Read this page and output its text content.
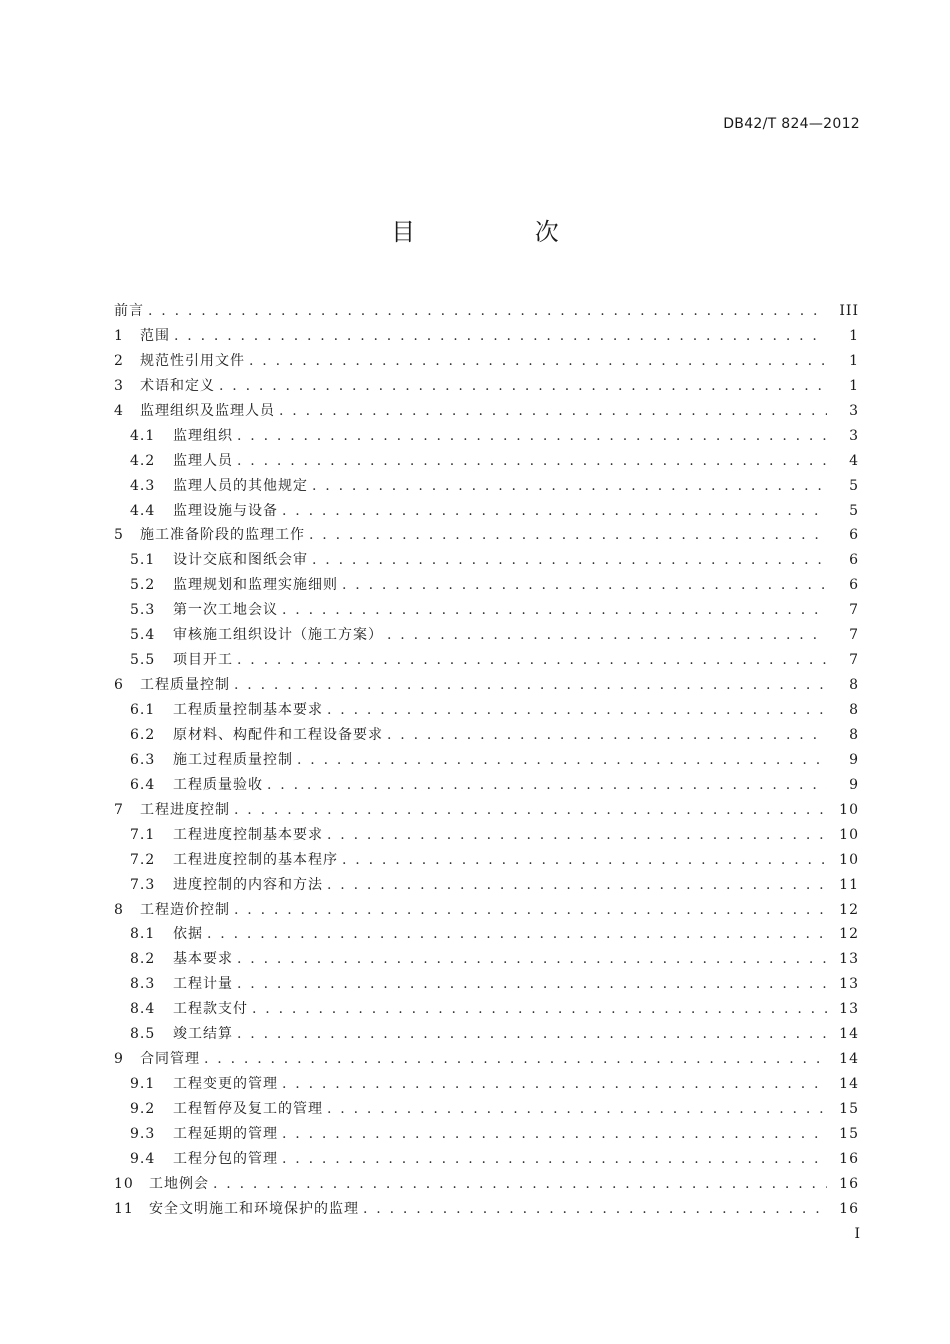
DB42/T 824—2012
目 次
前言 . . .	III
1	范围 . . .	1
2	规范性引用文件 . . .	1
3	术语和定义 . . .	1
4	监理组织及监理人员 . . .	3
4.1	监理组织 . . .	3
4.2	监理人员 . . .	4
4.3	监理人员的其他规定 . . .	5
4.4	监理设施与设备 . . .	5
5	施工准备阶段的监理工作 . . .	6
5.1	设计交底和图纸会审 . . .	6
5.2	监理规划和监理实施细则 . . .	6
5.3	第一次工地会议 . . .	7
5.4	审核施工组织设计（施工方案） . . .	7
5.5	项目开工 . . .	7
6	工程质量控制 . . .	8
6.1	工程质量控制基本要求 . . .	8
6.2	原材料、构配件和工程设备要求 . . .	8
6.3	施工过程质量控制 . . .	9
6.4	工程质量验收 . . .	9
7	工程进度控制 . . .	10
7.1	工程进度控制基本要求 . . .	10
7.2	工程进度控制的基本程序 . . .	10
7.3	进度控制的内容和方法 . . .	11
8	工程造价控制 . . .	12
8.1	依据 . . .	12
8.2	基本要求 . . .	13
8.3	工程计量 . . .	13
8.4	工程款支付 . . .	13
8.5	竣工结算 . . .	14
9	合同管理 . . .	14
9.1	工程变更的管理 . . .	14
9.2	工程暂停及复工的管理 . . .	15
9.3	工程延期的管理 . . .	15
9.4	工程分包的管理 . . .	16
10	工地例会 . . .	16
11	安全文明施工和环境保护的监理 . . .	16
I
